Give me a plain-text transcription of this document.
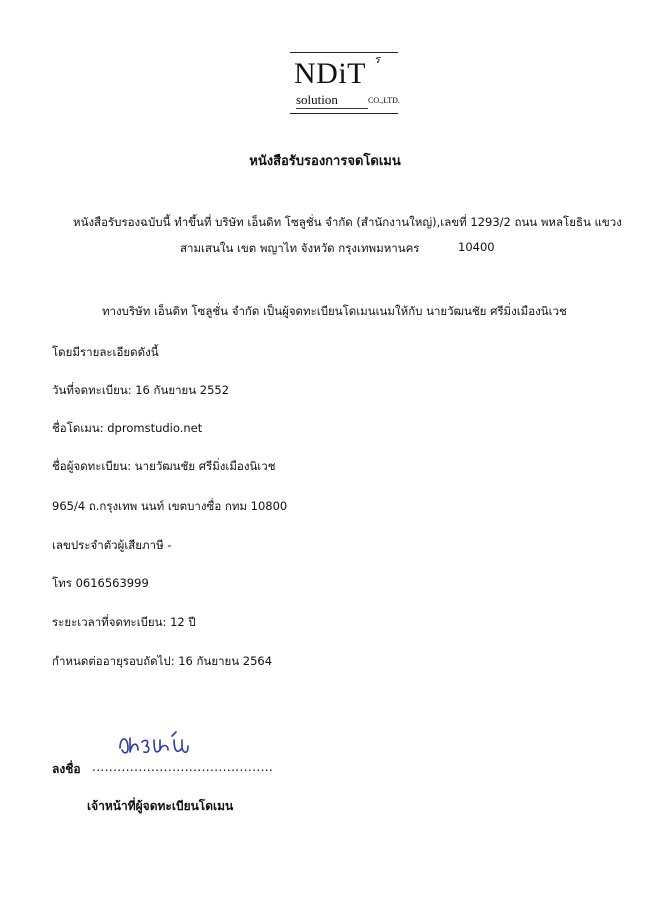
NDiT ร
solution	CO.,LTD.
หนังสือรับรองการจดโดเมน
หนังสือรับรองฉบับนี้ ทำขึ้นที่ บริษัท เอ็นดิท โซลูชั่น จำกัด (สำนักงานใหญ่),เลขที่ 1293/2 ถนน พหลโยธิน แขวง
สามเสนใน เขต พญาไท จังหวัด กรุงเทพมหานคร	10400
ทางบริษัท เอ็นดิท โซลูชั่น จำกัด เป็นผู้จดทะเบียนโดเมนเนมให้กับ นายวัฒนชัย ศรีมิ่งเมืองนิเวช
โดยมีรายละเอียดดังนี้
วันที่จดทะเบียน: 16 กันยายน 2552
ชื่อโดเมน: dpromstudio.net
ชื่อผู้จดทะเบียน: นายวัฒนชัย ศรีมิ่งเมืองนิเวช
965/4 ถ.กรุงเทพ นนท์ เขตบางซื่อ กทม 10800
เลขประจำตัวผู้เสียภาษี -
โทร 0616563999
ระยะเวลาที่จดทะเบียน: 12 ปี
กำหนดต่ออายุรอบถัดไป: 16 กันยายน 2564
ลงชื่อ ...........................................
เจ้าหน้าที่ผู้จดทะเบียนโดเมน
